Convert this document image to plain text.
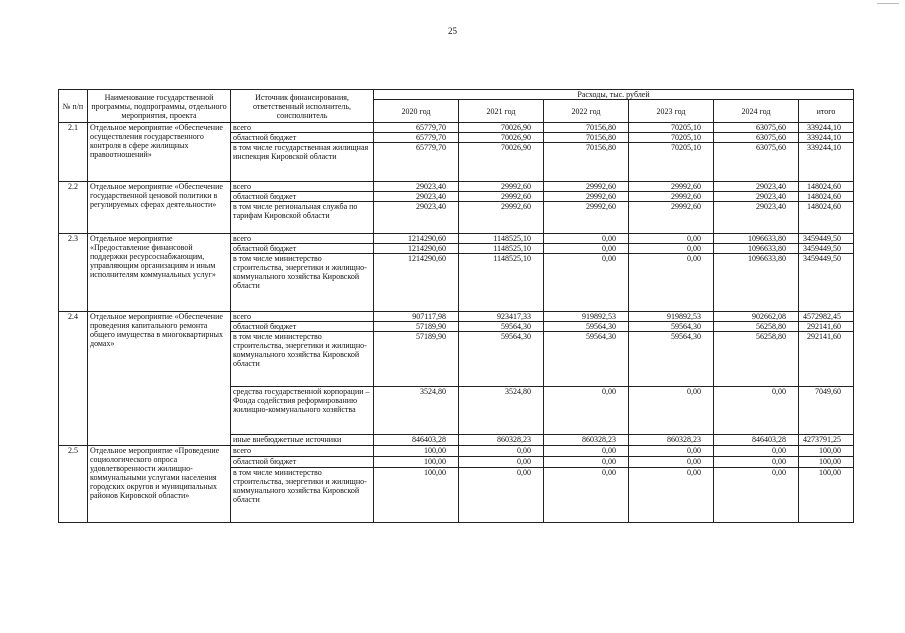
25
№ п/п	Наименование государственной программы, подпрограммы, отдельного мероприятия, проекта	Источник финансирования, ответственный исполнитель, соисполнитель	Расходы, тыс. рублей					
			2020 год	2021 год	2022 год	2023 год	2024 год	итого
2.1	Отдельное мероприятие «Обеспечение осуществления государственного контроля в сфере жилищных правоотношений»	всего	65779,70	70026,90	70156,80	70205,10	63075,60	339244,10
		областной бюджет	65779,70	70026,90	70156,80	70205,10	63075,60	339244,10
		в том числе государственная жилищная инспекция Кировской области	65779,70	70026,90	70156,80	70205,10	63075,60	339244,10
2.2	Отдельное мероприятие «Обеспечение государственной ценовой политики в регулируемых сферах деятельности»	всего	29023,40	29992,60	29992,60	29992,60	29023,40	148024,60
		областной бюджет	29023,40	29992,60	29992,60	29992,60	29023,40	148024,60
		в том числе региональная служба по тарифам Кировской области	29023,40	29992,60	29992,60	29992,60	29023,40	148024,60
2.3	Отдельное мероприятие «Предоставление финансовой поддержки ресурсоснабжающим, управляющим организациям и иным исполнителям коммунальных услуг»	всего	1214290,60	1148525,10	0,00	0,00	1096633,80	3459449,50
		областной бюджет	1214290,60	1148525,10	0,00	0,00	1096633,80	3459449,50
		в том числе министерство строительства, энергетики и жилищно-коммунального хозяйства Кировской области	1214290,60	1148525,10	0,00	0,00	1096633,80	3459449,50
2.4	Отдельное мероприятие «Обеспечение проведения капитального ремонта общего имущества в многоквартирных домах»	всего	907117,98	923417,33	919892,53	919892,53	902662,08	4572982,45
		областной бюджет	57189,90	59564,30	59564,30	59564,30	56258,80	292141,60
		в том числе министерство строительства, энергетики и жилищно-коммунального хозяйства Кировской области	57189,90	59564,30	59564,30	59564,30	56258,80	292141,60
		средства государственной корпорации – Фонда содействия реформированию жилищно-коммунального хозяйства	3524,80	3524,80	0,00	0,00	0,00	7049,60
		иные внебюджетные источники	846403,28	860328,23	860328,23	860328,23	846403,28	4273791,25
2.5	Отдельное мероприятие «Проведение социологического опроса удовлетворенности жилищно-коммунальными услугами населения городских округов и муниципальных районов Кировской области»	всего	100,00	0,00	0,00	0,00	0,00	100,00
		областной бюджет	100,00	0,00	0,00	0,00	0,00	100,00
		в том числе министерство строительства, энергетики и жилищно-коммунального хозяйства Кировской области	100,00	0,00	0,00	0,00	0,00	100,00
